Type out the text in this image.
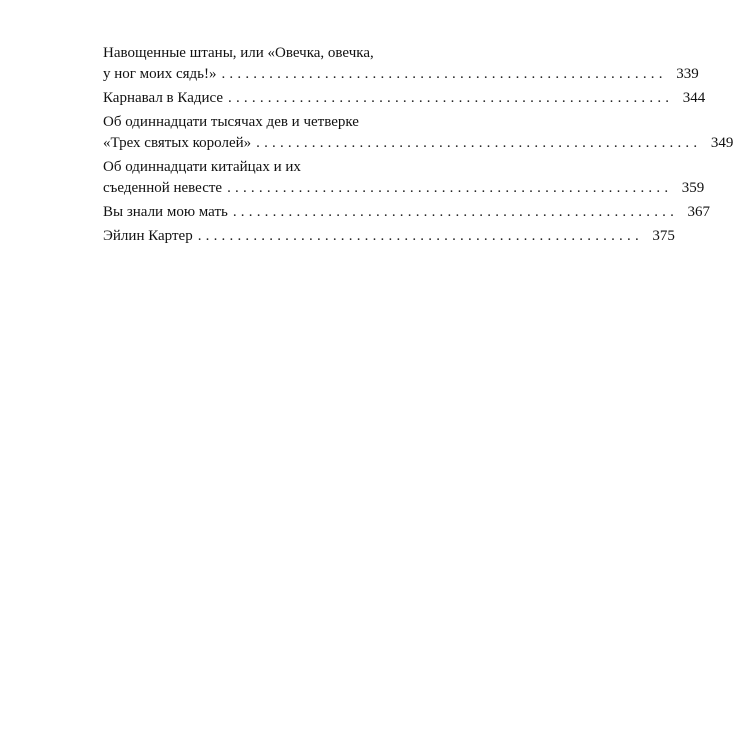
Навощенные штаны, или «Овечка, овечка,
у ног моих сядь!» ........................................................ 339
Карнавал в Кадисе ........................................................ 344
Об одиннадцати тысячах дев и четверке
«Трех святых королей» ........................................................ 349
Об одиннадцати китайцах и их
съеденной невесте ........................................................ 359
Вы знали мою мать ........................................................ 367
Эйлин Картер ........................................................ 375
